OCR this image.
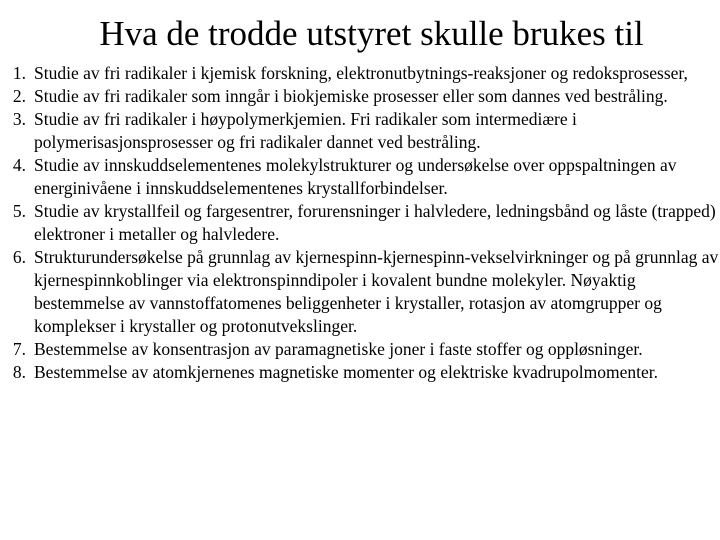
Hva de trodde utstyret skulle brukes til
1. Studie av fri radikaler i kjemisk forskning, elektronutbytnings-reaksjoner og redoksprosesser,
2. Studie av fri radikaler som inngår i biokjemiske prosesser eller som dannes ved bestråling.
3. Studie av fri radikaler i høypolymerkjemien. Fri radikaler som intermediære i polymerisasjonsprosesser og fri radikaler dannet ved bestråling.
4. Studie av innskuddselementenes molekylstrukturer og undersøkelse over oppspaltningen av energinivåene i innskuddselementenes krystallforbindelser.
5. Studie av krystallfeil og fargesentrer, forurensninger i halvledere, ledningsbånd og låste (trapped) elektroner i metaller og halvledere.
6. Strukturundersøkelse på grunnlag av kjernespinn-kjernespinn-vekselvirkninger og på grunnlag av kjernespinnkoblinger via elektronspinndipoler i kovalent bundne molekyler. Nøyaktig bestemmelse av vannstoffatomenes beliggenheter i krystaller, rotasjon av atomgrupper og komplekser i krystaller og protonutvekslinger.
7. Bestemmelse av konsentrasjon av paramagnetiske joner i faste stoffer og oppløsninger.
8. Bestemmelse av atomkjernenes magnetiske momenter og elektriske kvadrupolmomenter.
